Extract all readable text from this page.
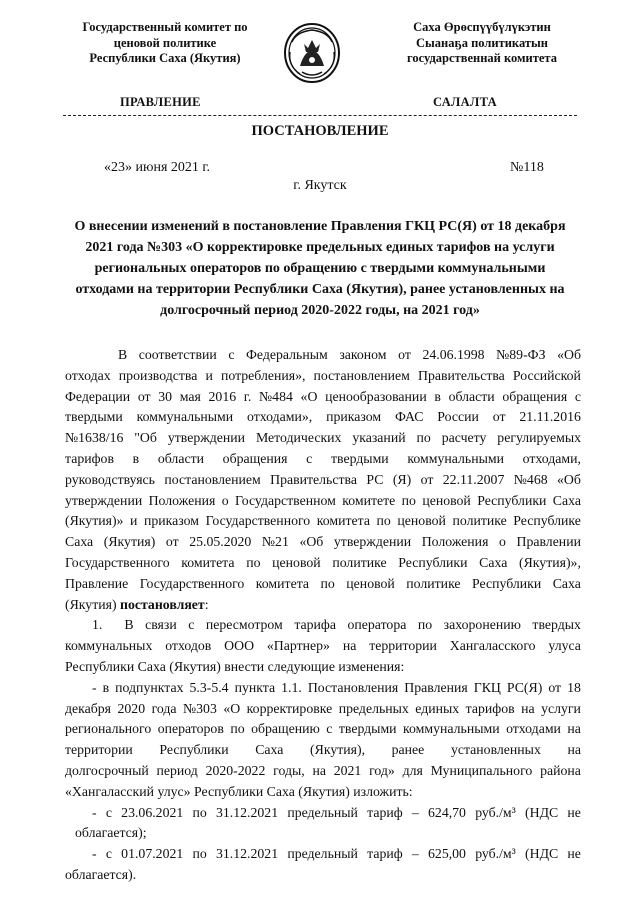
Государственный комитет по
ценовой политике
Республики Саха (Якутия)
Саха Өрөспүүбүлүкэтин
Сыанаҕа политикатын
государственнай комитета
ПРАВЛЕНИЕ	САЛАЛТА
ПОСТАНОВЛЕНИЕ
«23» июня 2021 г.	№118
г. Якутск
О внесении изменений в постановление Правления ГКЦ РС(Я) от 18 декабря
2021 года №303 «О корректировке предельных единых тарифов на услуги
региональных операторов по обращению с твердыми коммунальными
отходами на территории Республики Саха (Якутия), ранее установленных на
долгосрочный период 2020-2022 годы, на 2021 год»
В соответствии с Федеральным законом от 24.06.1998 №89-ФЗ «Об
отходах производства и потребления», постановлением Правительства Российской
Федерации от 30 мая 2016 г. №484 «О ценообразовании в области обращения с
твердыми коммунальными отходами», приказом ФАС России от 21.11.2016
№1638/16 "Об утверждении Методических указаний по расчету регулируемых
тарифов в области обращения с твердыми коммунальными отходами,
руководствуясь постановлением Правительства РС (Я) от 22.11.2007 №468 «Об
утверждении Положения о Государственном комитете по ценовой Республики Саха
(Якутия)» и приказом Государственного комитета по ценовой политике Республике
Саха (Якутия) от 25.05.2020 №21 «Об утверждении Положения о Правлении
Государственного комитета по ценовой политике Республики Саха (Якутия)»,
Правление Государственного комитета по ценовой политике Республики Саха
(Якутия) постановляет :
1. В связи с пересмотром тарифа оператора по захоронению твердых
коммунальных отходов ООО «Партнер» на территории Хангаласского улуса
Республики Саха (Якутия) внести следующие изменения:
- в подпунктах 5.3-5.4 пункта 1.1. Постановления Правления ГКЦ РС(Я) от 18
декабря 2020 года №303 «О корректировке предельных единых тарифов на услуги
регионального операторов по обращению с твердыми коммунальными отходами на
территории Республики Саха (Якутия), ранее установленных на
долгосрочный период 2020-2022 годы, на 2021 год» для Муниципального района
«Хангаласский улус» Республики Саха (Якутия) изложить:
- с 23.06.2021 по 31.12.2021 предельный тариф – 624,70 руб./м³ (НДС не
облагается);
- с 01.07.2021 по 31.12.2021 предельный тариф – 625,00 руб./м³ (НДС не
облагается).
